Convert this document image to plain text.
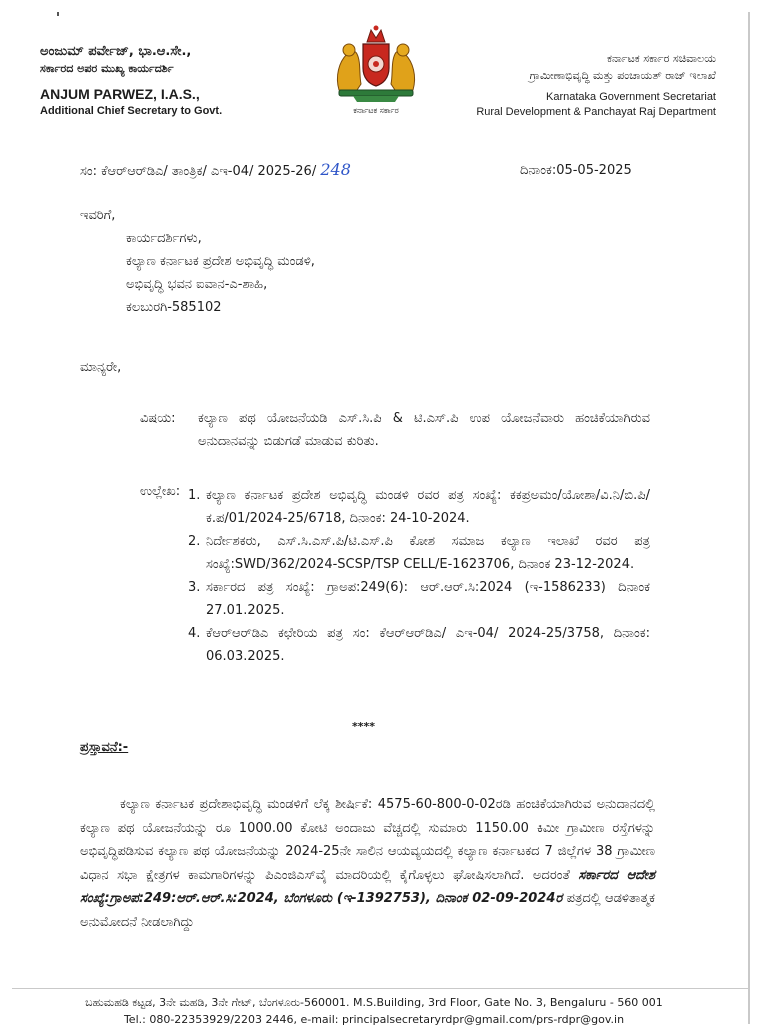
ಅಂಜುಮ್ ಪರ್ವೇಜ್, ಭಾ.ಆ.ಸೇ.,
ಸರ್ಕಾರದ ಅಪರ ಮುಖ್ಯ ಕಾರ್ಯದರ್ಶಿ
ANJUM PARWEZ, I.A.S.,
Additional Chief Secretary to Govt.	ಕರ್ನಾಟಕ ಸರ್ಕಾರ
ಕರ್ನಾಟಕ ಸರ್ಕಾರ ಸಚಿವಾಲಯ
ಗ್ರಾಮೀಣಾಭಿವೃದ್ಧಿ ಮತ್ತು ಪಂಚಾಯತ್ ರಾಜ್ ಇಲಾಖೆ
Karnataka Government Secretariat
Rural Development & Panchayat Raj Department
ಸಂ: ಕೆಆರ್‌ಆರ್‌ಡಿಎ/ ತಾಂತ್ರಿಕ/ ಎಇ-04/ 2025-26/ 248	ದಿನಾಂಕ:05-05-2025
ಇವರಿಗೆ,
ಕಾರ್ಯದರ್ಶಿಗಳು,
ಕಲ್ಯಾಣ ಕರ್ನಾಟಕ ಪ್ರದೇಶ ಅಭಿವೃದ್ಧಿ ಮಂಡಳಿ,
ಅಭಿವೃದ್ಧಿ ಭವನ ಐವಾನ-ಎ-ಶಾಹಿ,
ಕಲಬುರಗಿ-585102
ಮಾನ್ಯರೇ,
ವಿಷಯ: ಕಲ್ಯಾಣ ಪಥ ಯೋಜನೆಯಡಿ ಎಸ್.ಸಿ.ಪಿ & ಟಿ.ಎಸ್.ಪಿ ಉಪ ಯೋಜನೆವಾರು ಹಂಚಿಕೆಯಾಗಿರುವ ಅನುದಾನವನ್ನು ಬಿಡುಗಡೆ ಮಾಡುವ ಕುರಿತು.
ಉಲ್ಲೇಖ: 1. ಕಲ್ಯಾಣ ಕರ್ನಾಟಕ ಪ್ರದೇಶ ಅಭಿವೃದ್ಧಿ ಮಂಡಳಿ ರವರ ಪತ್ರ ಸಂಖ್ಯೆ: ಕಕಪ್ರಅಮಂ/ಯೋಶಾ/ವಿ.ನಿ/ಬಿ.ಪಿ/ಕ.ಪ/01/2024-25/6718, ದಿನಾಂಕ: 24-10-2024.
2. ನಿರ್ದೇಶಕರು, ಎಸ್.ಸಿ.ಎಸ್.ಪಿ/ಟಿ.ಎಸ್.ಪಿ ಕೋಶ ಸಮಾಜ ಕಲ್ಯಾಣ ಇಲಾಖೆ ರವರ ಪತ್ರ ಸಂಖ್ಯೆ:SWD/362/2024-SCSP/TSP CELL/E-1623706, ದಿನಾಂಕ 23-12-2024.
3. ಸರ್ಕಾರದ ಪತ್ರ ಸಂಖ್ಯೆ: ಗ್ರಾಅಪ:249(6): ಆರ್.ಆರ್.ಸಿ:2024 (ಇ-1586233) ದಿನಾಂಕ 27.01.2025.
4. ಕೆಆರ್‌ಆರ್‌ಡಿಎ ಕಛೇರಿಯ ಪತ್ರ ಸಂ: ಕೆಆರ್‌ಆರ್‌ಡಿಎ/ ಎಇ-04/ 2024-25/3758, ದಿನಾಂಕ: 06.03.2025.
****
ಪ್ರಸ್ತಾವನೆ:-
ಕಲ್ಯಾಣ ಕರ್ನಾಟಕ ಪ್ರದೇಶಾಭಿವೃದ್ಧಿ ಮಂಡಳಿಗೆ ಲೆಕ್ಕ ಶೀರ್ಷಿಕೆ: 4575-60-800-0-02ರಡಿ ಹಂಚಿಕೆಯಾಗಿರುವ ಅನುದಾನದಲ್ಲಿ ಕಲ್ಯಾಣ ಪಥ ಯೋಜನೆಯನ್ನು ರೂ 1000.00 ಕೋಟಿ ಅಂದಾಜು ವೆಚ್ಚದಲ್ಲಿ ಸುಮಾರು 1150.00 ಕಿಮೀ ಗ್ರಾಮೀಣ ರಸ್ತೆಗಳನ್ನು ಅಭಿವೃದ್ಧಿಪಡಿಸುವ ಕಲ್ಯಾಣ ಪಥ ಯೋಜನೆಯನ್ನು 2024-25ನೇ ಸಾಲಿನ ಆಯವ್ಯಯದಲ್ಲಿ ಕಲ್ಯಾಣ ಕರ್ನಾಟಕದ 7 ಜಿಲ್ಲೆಗಳ 38 ಗ್ರಾಮೀಣ ವಿಧಾನ ಸಭಾ ಕ್ಷೇತ್ರಗಳ ಕಾಮಗಾರಿಗಳನ್ನು ಪಿಎಂಜಿಎಸ್‌ವೈ ಮಾದರಿಯಲ್ಲಿ ಕೈಗೊಳ್ಳಲು ಘೋಷಿಸಲಾಗಿದೆ. ಅದರಂತೆ ಸರ್ಕಾರದ ಆದೇಶ ಸಂಖ್ಯೆ:ಗ್ರಾಅಪ:249:ಆರ್.ಆರ್.ಸಿ:2024, ಬೆಂಗಳೂರು (ಇ-1392753), ದಿನಾಂಕ 02-09-2024ರ ಪತ್ರದಲ್ಲಿ ಆಡಳಿತಾತ್ಮಕ ಅನುಮೋದನೆ ನೀಡಲಾಗಿದ್ದು
ಬಹುಮಹಡಿ ಕಟ್ಟಡ, 3ನೇ ಮಹಡಿ, 3ನೇ ಗೇಟ್, ಬೆಂಗಳೂರು-560001. M.S.Building, 3rd Floor, Gate No. 3, Bengaluru - 560 001
Tel.: 080-22353929/2203 2446, e-mail: principalsecretaryrdpr@gmail.com/prs-rdpr@gov.in
